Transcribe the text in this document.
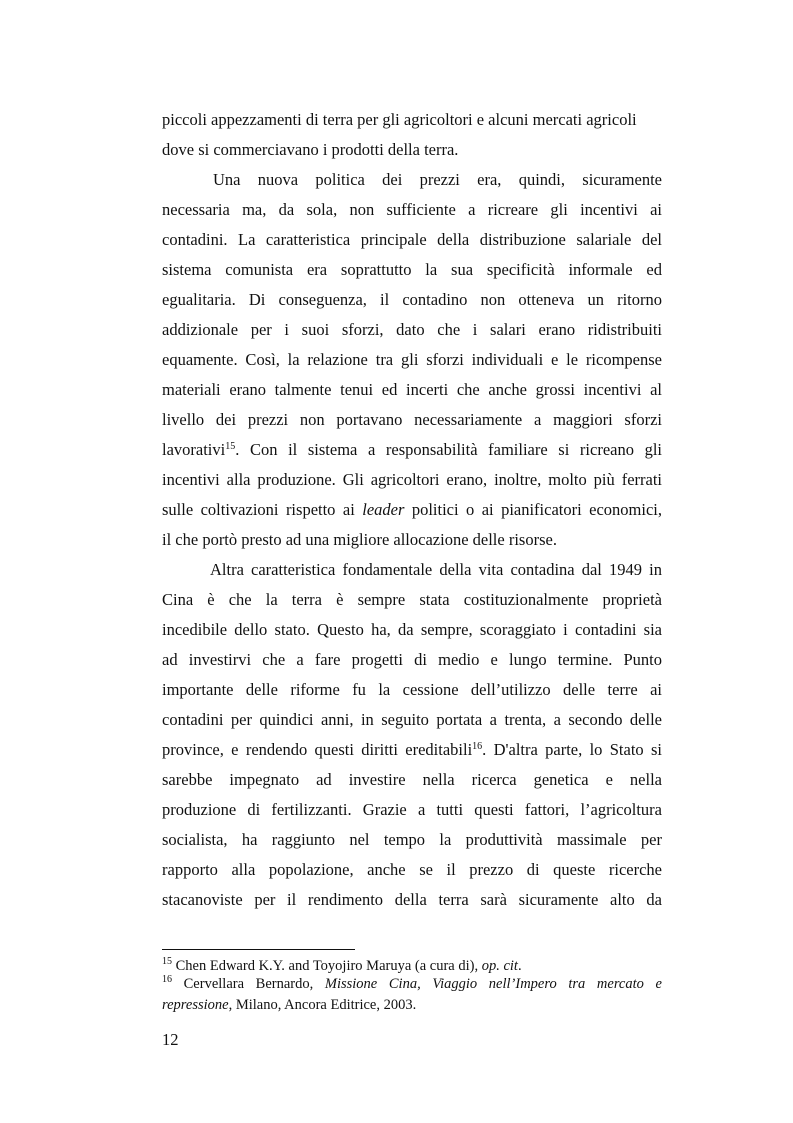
piccoli appezzamenti di terra per gli agricoltori e alcuni mercati agricoli
dove si commerciavano i prodotti della terra.
Una nuova politica dei prezzi era, quindi, sicuramente
necessaria ma, da sola, non sufficiente a ricreare gli incentivi ai
contadini. La caratteristica principale della distribuzione salariale del
sistema comunista era soprattutto la sua specificità informale ed
egualitaria. Di conseguenza, il contadino non otteneva un ritorno
addizionale per i suoi sforzi, dato che i salari erano ridistribuiti
equamente. Così, la relazione tra gli sforzi individuali e le ricompense
materiali erano talmente tenui ed incerti che anche grossi incentivi al
livello dei prezzi non portavano necessariamente a maggiori sforzi
lavorativi$^{15}$. Con il sistema a responsabilità familiare si ricreano gli
incentivi alla produzione. Gli agricoltori erano, inoltre, molto più ferrati
sulle coltivazioni rispetto ai leader politici o ai pianificatori economici,
il che portò presto ad una migliore allocazione delle risorse.
Altra caratteristica fondamentale della vita contadina dal 1949 in
Cina è che la terra è sempre stata costituzionalmente proprietà
incedibile dello stato. Questo ha, da sempre, scoraggiato i contadini sia
ad investirvi che a fare progetti di medio e lungo termine. Punto
importante delle riforme fu la cessione dell’utilizzo delle terre ai
contadini per quindici anni, in seguito portata a trenta, a secondo delle
province, e rendendo questi diritti ereditabili$^{16}$. D'altra parte, lo Stato si
sarebbe impegnato ad investire nella ricerca genetica e nella
produzione di fertilizzanti. Grazie a tutti questi fattori, l’agricoltura
socialista, ha raggiunto nel tempo la produttività massimale per
rapporto alla popolazione, anche se il prezzo di queste ricerche
stacanoviste per il rendimento della terra sarà sicuramente alto da
$^{15}$ Chen Edward K.Y. and Toyojiro Maruya (a cura di), op. cit.
$^{16}$ Cervellara Bernardo, Missione Cina, Viaggio nell’Impero tra mercato e
repressione, Milano, Ancora Editrice, 2003.
12
